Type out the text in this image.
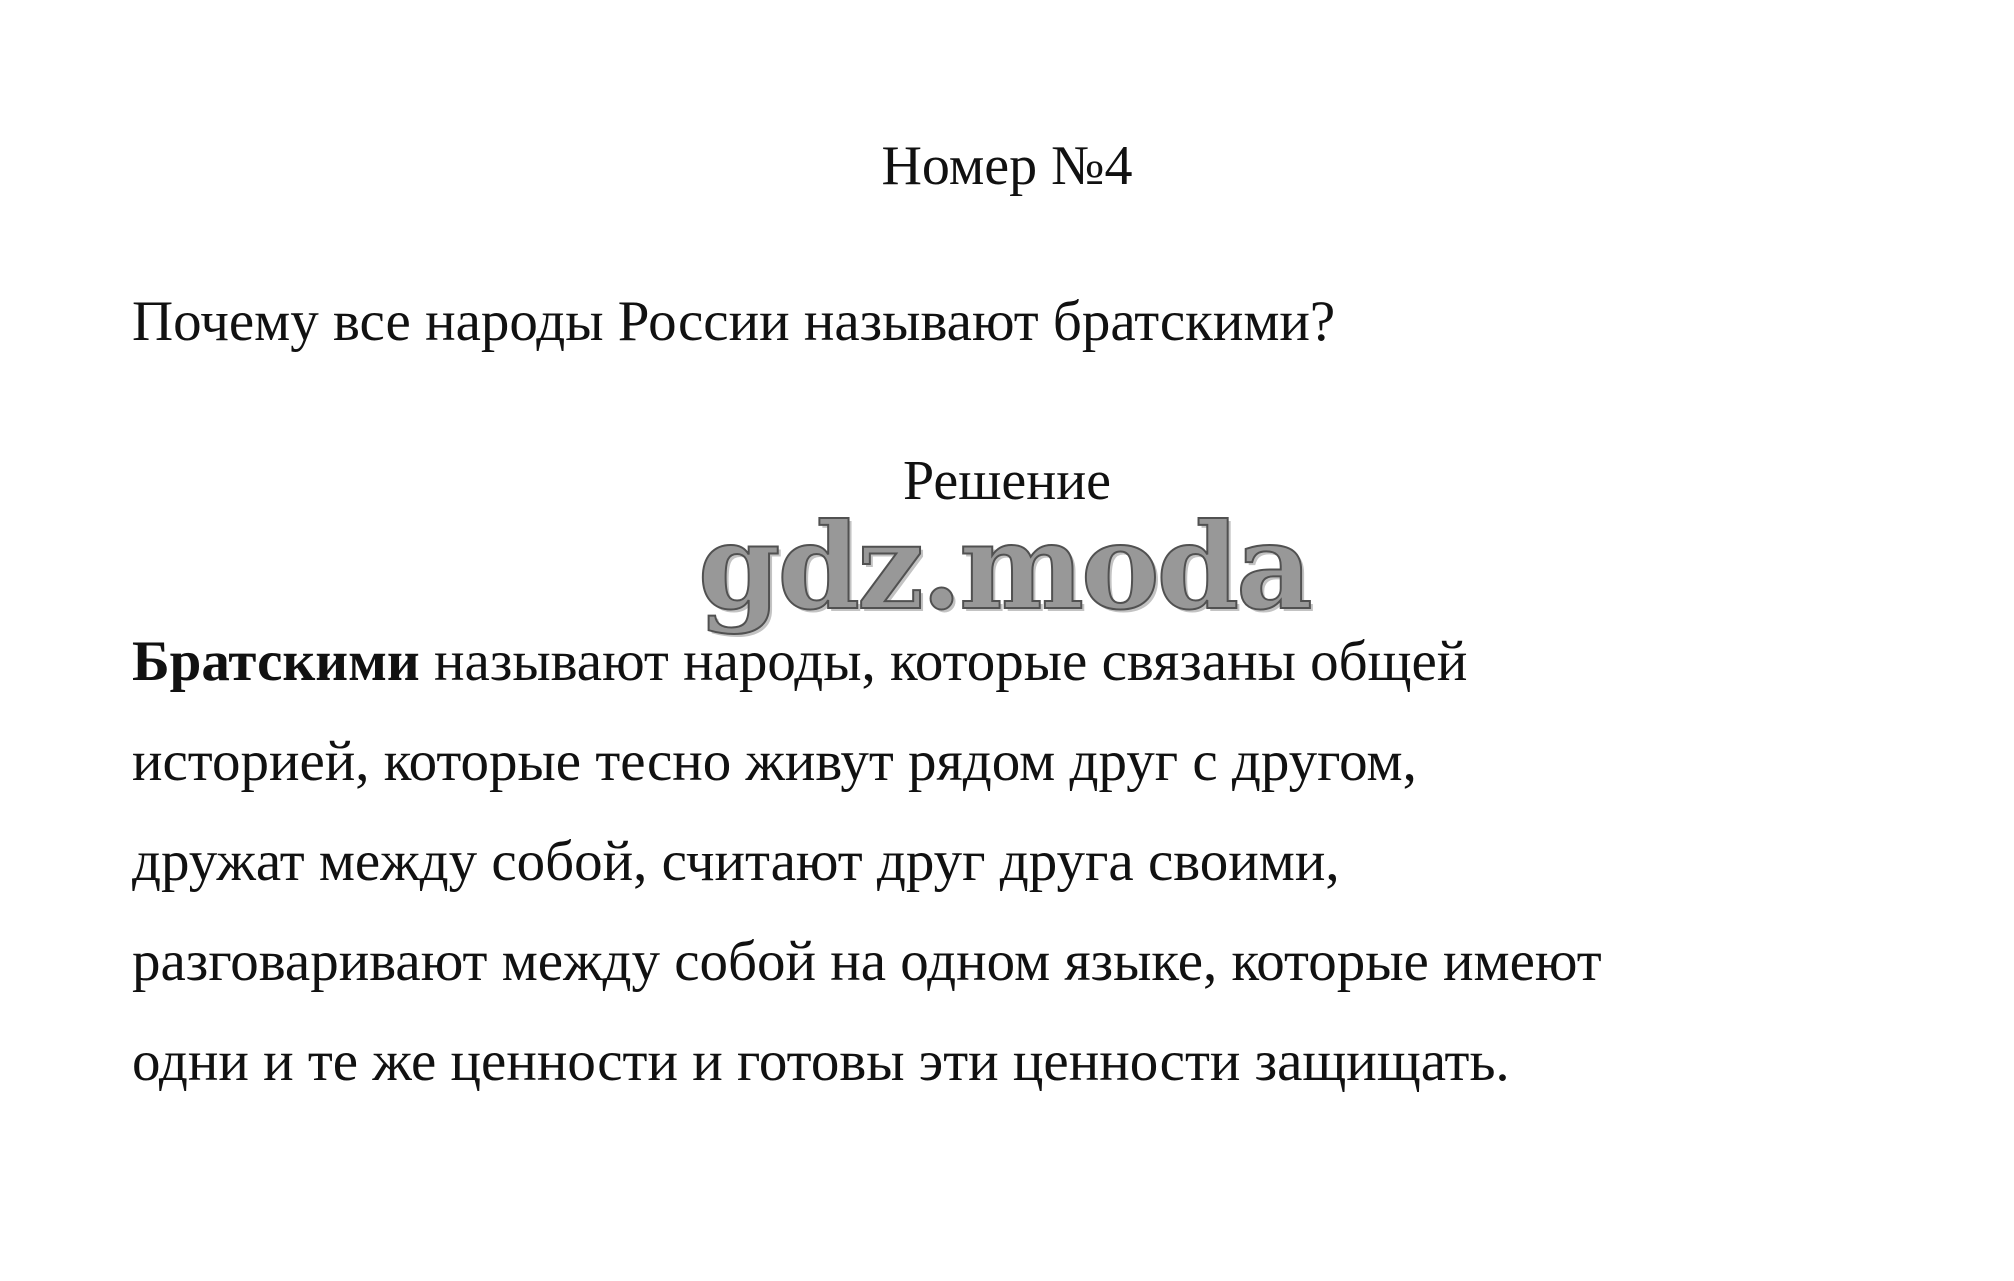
Номер №4
Почему все народы России называют братскими?
Решение
gdz.moda
Братскими называют народы, которые связаны общей
историей, которые тесно живут рядом друг с другом,
дружат между собой, считают друг друга своими,
разговаривают между собой на одном языке, которые имеют
одни и те же ценности и готовы эти ценности защищать.
